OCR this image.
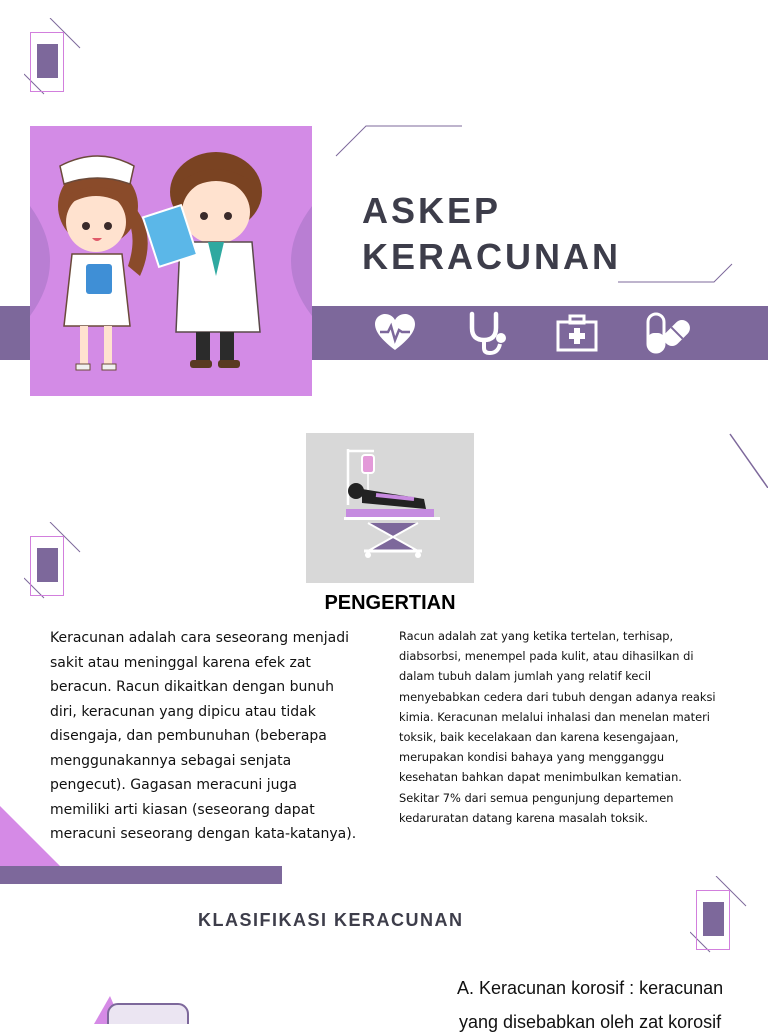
ASKEP
KERACUNAN
PENGERTIAN
Keracunan adalah cara seseorang menjadi sakit atau meninggal karena efek zat beracun. Racun dikaitkan dengan bunuh diri, keracunan yang dipicu atau tidak disengaja, dan pembunuhan (beberapa menggunakannya sebagai senjata pengecut). Gagasan meracuni juga memiliki arti kiasan (seseorang dapat meracuni seseorang dengan kata-katanya).
Racun adalah zat yang ketika tertelan, terhisap, diabsorbsi, menempel pada kulit, atau dihasilkan di dalam tubuh dalam jumlah yang relatif kecil menyebabkan cedera dari tubuh dengan adanya reaksi kimia. Keracunan melalui inhalasi dan menelan materi toksik, baik kecelakaan dan karena kesengajaan, merupakan kondisi bahaya yang mengganggu kesehatan bahkan dapat menimbulkan kematian. Sekitar 7% dari semua pengunjung departemen kedaruratan datang karena masalah toksik.
KLASIFIKASI KERACUNAN
A. Keracunan korosif : keracunan
yang disebabkan oleh zat korosif
